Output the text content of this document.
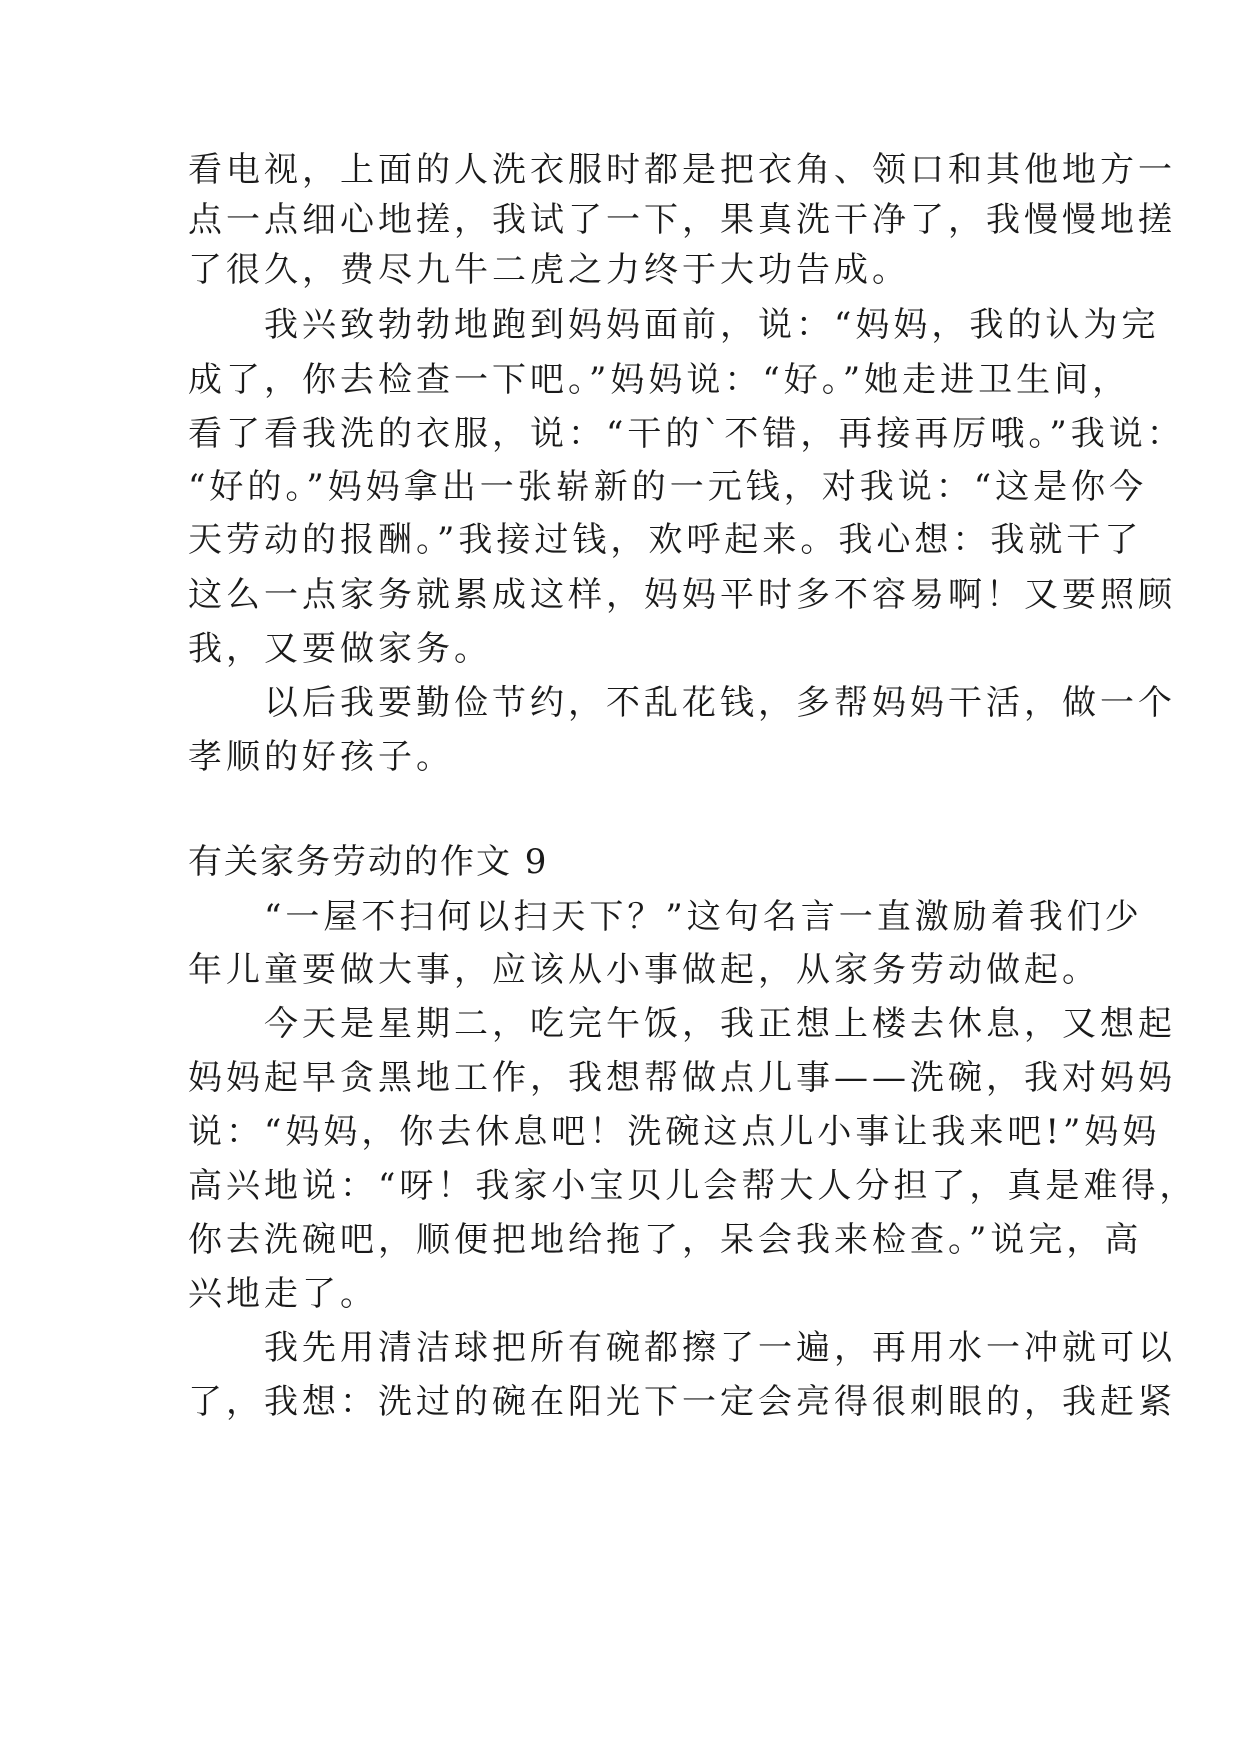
看电视，上面的人洗衣服时都是把衣角、领口和其他地方一
点一点细心地搓，我试了一下，果真洗干净了，我慢慢地搓
了很久，费尽九牛二虎之力终于大功告成。
　　我兴致勃勃地跑到妈妈面前，说：“妈妈，我的认为完
成了，你去检查一下吧。”妈妈说：“好。”她走进卫生间，
看了看我洗的衣服，说：“干的`不错，再接再厉哦。”我说：
“好的。”妈妈拿出一张崭新的一元钱，对我说：“这是你今
天劳动的报酬。”我接过钱，欢呼起来。我心想：我就干了
这么一点家务就累成这样，妈妈平时多不容易啊！又要照顾
我，又要做家务。
　　以后我要勤俭节约，不乱花钱，多帮妈妈干活，做一个
孝顺的好孩子。
有关家务劳动的作文 9
　　“一屋不扫何以扫天下？”这句名言一直激励着我们少
年儿童要做大事，应该从小事做起，从家务劳动做起。
　　今天是星期二，吃完午饭，我正想上楼去休息，又想起
妈妈起早贪黑地工作，我想帮做点儿事——洗碗，我对妈妈
说：“妈妈，你去休息吧！洗碗这点儿小事让我来吧!”妈妈
高兴地说：“呀！我家小宝贝儿会帮大人分担了，真是难得，
你去洗碗吧，顺便把地给拖了，呆会我来检查。”说完，高
兴地走了。
　　我先用清洁球把所有碗都擦了一遍，再用水一冲就可以
了，我想：洗过的碗在阳光下一定会亮得很刺眼的，我赶紧
